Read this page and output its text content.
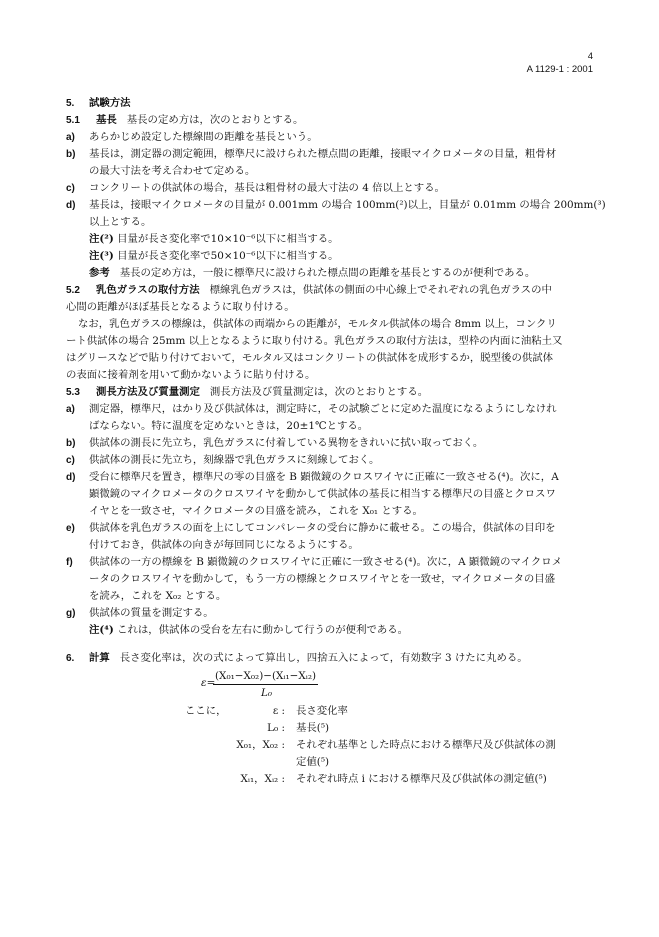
4
A 1129-1 : 2001
5. 試験方法
5.1 基長 基長の定め方は，次のとおりとする。
a) あらかじめ設定した標線間の距離を基長という。
b) 基長は，測定器の測定範囲，標準尺に設けられた標点間の距離，接眼マイクロメータの目量，粗骨材
の最大寸法を考え合わせて定める。
c) コンクリートの供試体の場合，基長は粗骨材の最大寸法の 4 倍以上とする。
d) 基長は，接眼マイクロメータの目量が 0.001mm の場合 100mm(²)以上，目量が 0.01mm の場合 200mm(³)
以上とする。
注(²) 目量が長さ変化率で10×10⁻⁶以下に相当する。
注(³) 目量が長さ変化率で50×10⁻⁶以下に相当する。
参考 基長の定め方は，一般に標準尺に設けられた標点間の距離を基長とするのが便利である。
5.2 乳色ガラスの取付方法 標線乳色ガラスは，供試体の側面の中心線上でそれぞれの乳色ガラスの中
心間の距離がほぼ基長となるように取り付ける。
なお，乳色ガラスの標線は，供試体の両端からの距離が，モルタル供試体の場合 8mm 以上，コンクリ
ート供試体の場合 25mm 以上となるように取り付ける。乳色ガラスの取付方法は，型枠の内面に油粘土又
はグリースなどで貼り付けておいて，モルタル又はコンクリートの供試体を成形するか，脱型後の供試体
の表面に接着剤を用いて動かないように貼り付ける。
5.3 測長方法及び質量測定 測長方法及び質量測定は，次のとおりとする。
a) 測定器，標準尺，はかり及び供試体は，測定時に，その試験ごとに定めた温度になるようにしなけれ
ばならない。特に温度を定めないときは，20±1℃とする。
b) 供試体の測長に先立ち，乳色ガラスに付着している異物をきれいに拭い取っておく。
c) 供試体の測長に先立ち，刻線器で乳色ガラスに刻線しておく。
d) 受台に標準尺を置き，標準尺の零の目盛を B 顕微鏡のクロスワイヤに正確に一致させる(⁴)。次に，A
顕微鏡のマイクロメータのクロスワイヤを動かして供試体の基長に相当する標準尺の目盛とクロスワ
イヤとを一致させ，マイクロメータの目盛を読み，これを X₀₁ とする。
e) 供試体を乳色ガラスの面を上にしてコンパレータの受台に静かに載せる。この場合，供試体の目印を
付けておき，供試体の向きが毎回同じになるようにする。
f) 供試体の一方の標線を B 顕微鏡のクロスワイヤに正確に一致させる(⁴)。次に，A 顕微鏡のマイクロメ
ータのクロスワイヤを動かして，もう一方の標線とクロスワイヤとを一致せ，マイクロメータの目盛
を読み，これを X₀₂ とする。
g) 供試体の質量を測定する。
注(⁴) これは，供試体の受台を左右に動かして行うのが便利である。
6. 計算 長さ変化率は，次の式によって算出し，四捨五入によって，有効数字 3 けたに丸める。
ε=
(X₀₁−X₀₂)−(Xᵢ₁−Xᵢ₂)
L₀
ここに，	ε : 長さ変化率
L₀ : 基長(⁵)
X₀₁，X₀₂ : それぞれ基準とした時点における標準尺及び供試体の測
定値(⁵)
Xᵢ₁，Xᵢ₂ : それぞれ時点 i における標準尺及び供試体の測定値(⁵)
